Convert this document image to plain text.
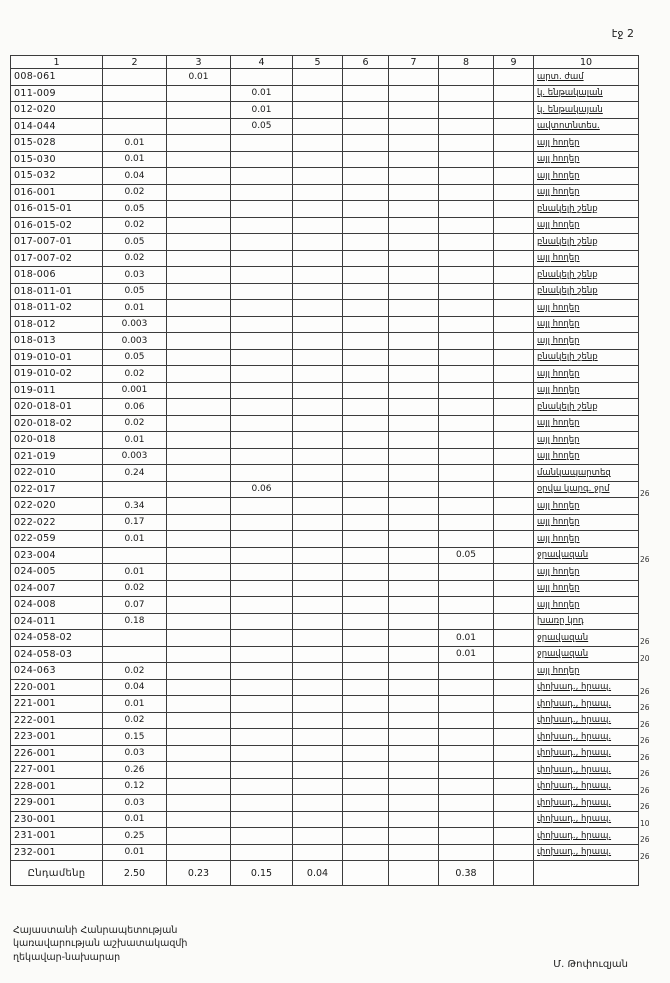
էջ 2
1	2	3	4	5	6	7	8	9	10	
008-061		0.01							արտ. ժամ	
011-009			0.01						կ. ենթակայան	
012-020			0.01						կ. ենթակայան	
014-044			0.05						ավտոտնտես.	
015-028	0.01								այլ հողեր	
015-030	0.01								այլ հողեր	
015-032	0.04								այլ հողեր	
016-001	0.02								այլ հողեր	
016-015-01	0.05								բնակելի շենք	
016-015-02	0.02								այլ հողեր	
017-007-01	0.05								բնակելի շենք	
017-007-02	0.02								այլ հողեր	
018-006	0.03								բնակելի շենք	
018-011-01	0.05								բնակելի շենք	
018-011-02	0.01								այլ հողեր	
018-012	0.003								այլ հողեր	
018-013	0.003								այլ հողեր	
019-010-01	0.05								բնակելի շենք	
019-010-02	0.02								այլ հողեր	
019-011	0.001								այլ հողեր	
020-018-01	0.06								բնակելի շենք	
020-018-02	0.02								այլ հողեր	
020-018	0.01								այլ հողեր	
021-019	0.003								այլ հողեր	
022-010	0.24								մանկապարտեզ	
022-017			0.06						օրվա կարգ. ջրմ	26
022-020	0.34								այլ հողեր	
022-022	0.17								այլ հողեր	
022-059	0.01								այլ հողեր	
023-004							0.05		ջրավազան	26
024-005	0.01								այլ հողեր	
024-007	0.02								այլ հողեր	
024-008	0.07								այլ հողեր	
024-011	0.18								խառը կոդ	
024-058-02							0.01		ջրավազան	26
024-058-03							0.01		ջրավազան	20
024-063	0.02								այլ հողեր	
220-001	0.04								փոխադ., հրապ.	26
221-001	0.01								փոխադ., հրապ.	26
222-001	0.02								փոխադ., հրապ.	26
223-001	0.15								փոխադ., հրապ.	26
226-001	0.03								փոխադ., հրապ.	26
227-001	0.26								փոխադ., հրապ.	26
228-001	0.12								փոխադ., հրապ.	26
229-001	0.03								փոխադ., հրապ.	26
230-001	0.01								փոխադ., հրապ.	10
231-001	0.25								փոխադ., հրապ.	26
232-001	0.01								փոխադ., հրապ.	26
Ընդամենը	2.50	0.23	0.15	0.04			0.38			
Հայաստանի Հանրապետության
կառավարության աշխատակազմի
ղեկավար-նախարար
Մ. Թոփուզյան
